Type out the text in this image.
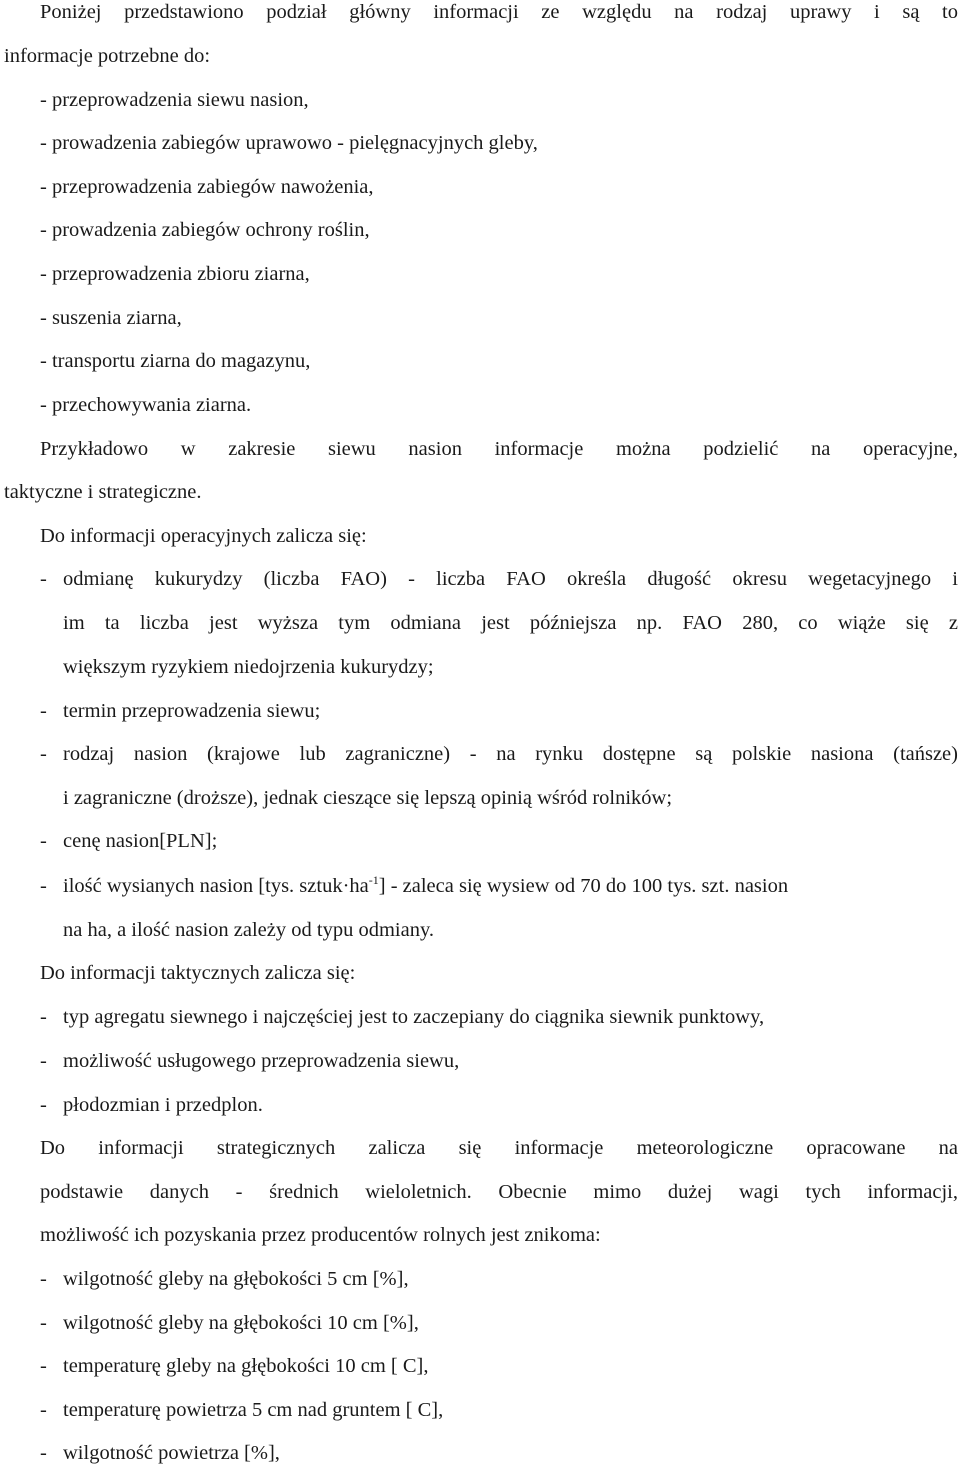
Poniżej przedstawiono podział główny informacji ze względu na rodzaj uprawy i są to
informacje potrzebne do:
- przeprowadzenia siewu nasion,
- prowadzenia zabiegów uprawowo - pielęgnacyjnych gleby,
- przeprowadzenia zabiegów nawożenia,
- prowadzenia zabiegów ochrony roślin,
- przeprowadzenia zbioru ziarna,
- suszenia ziarna,
- transportu ziarna do magazynu,
- przechowywania ziarna.
Przykładowo w zakresie siewu nasion informacje można podzielić na operacyjne,
taktyczne i strategiczne.
Do informacji operacyjnych zalicza się:
- odmianę kukurydzy (liczba FAO) - liczba FAO określa długość okresu wegetacyjnego i
im ta liczba jest wyższa tym odmiana jest późniejsza np. FAO 280, co wiąże się z
większym ryzykiem niedojrzenia kukurydzy;
- termin przeprowadzenia siewu;
- rodzaj nasion (krajowe lub zagraniczne) - na rynku dostępne są polskie nasiona (tańsze)
i zagraniczne (droższe), jednak cieszące się lepszą opinią wśród rolników;
- cenę nasion[PLN];
- ilość wysianych nasion [tys. $sztuk\cdot ha^{-1}$] - zaleca się wysiew od 70 do 100 tys. szt. nasion
na ha, a ilość nasion zależy od typu odmiany.
Do informacji taktycznych zalicza się:
- typ agregatu siewnego i najczęściej jest to zaczepiany do ciągnika siewnik punktowy,
- możliwość usługowego przeprowadzenia siewu,
- płodozmian i przedplon.
Do informacji strategicznych zalicza się informacje meteorologiczne opracowane na
podstawie danych - średnich wieloletnich. Obecnie mimo dużej wagi tych informacji,
możliwość ich pozyskania przez producentów rolnych jest znikoma:
- wilgotność gleby na głębokości 5 cm [%],
- wilgotność gleby na głębokości 10 cm [%],
- temperaturę gleby na głębokości 10 cm [ C],
- temperaturę powietrza 5 cm nad gruntem [ C],
- wilgotność powietrza [%],
